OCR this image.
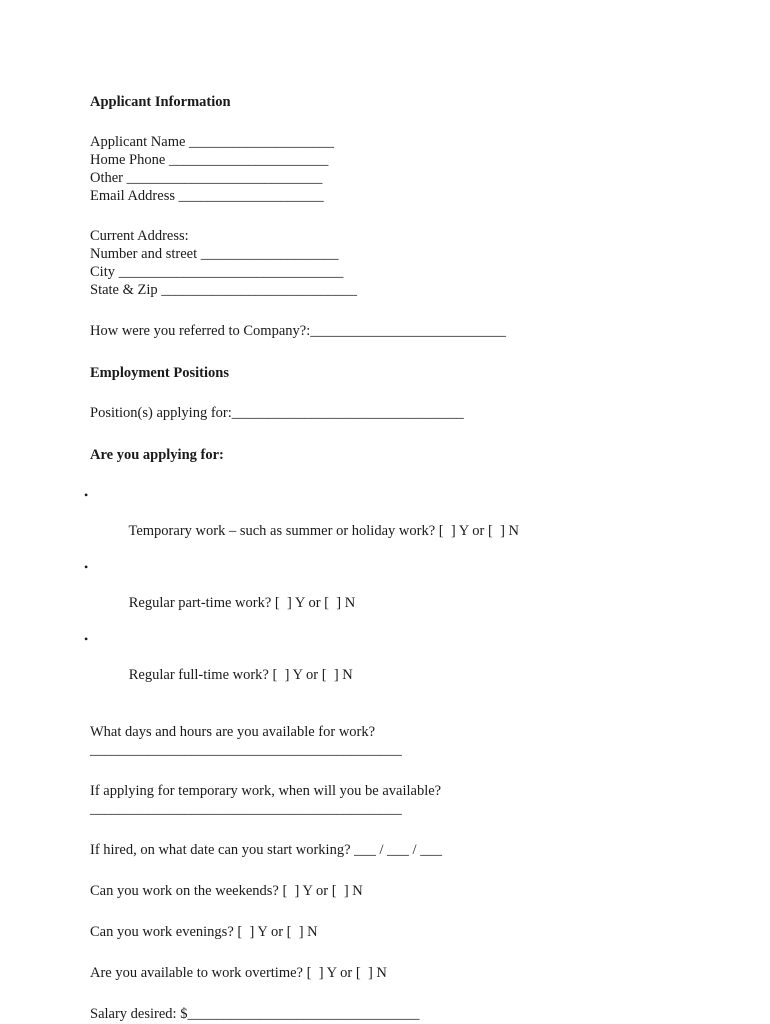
Applicant Information
Applicant Name ____________________
Home Phone ______________________
Other ___________________________
Email Address ____________________
Current Address:
Number and street ___________________
City _______________________________
State & Zip ___________________________
How were you referred to Company?:___________________________
Employment Positions
Position(s) applying for:________________________________
Are you applying for:

•

Temporary work – such as summer or holiday work? [  ] Y or [  ] N

•

Regular part-time work? [  ] Y or [  ] N

•

Regular full-time work? [  ] Y or [  ] N

What days and hours are you available for work?
___________________________________________
If applying for temporary work, when will you be available?
___________________________________________
If hired, on what date can you start working? ___ / ___ / ___
Can you work on the weekends? [  ] Y or [  ] N
Can you work evenings? [  ] Y or [  ] N
Are you available to work overtime? [  ] Y or [  ] N
Salary desired: $________________________________
